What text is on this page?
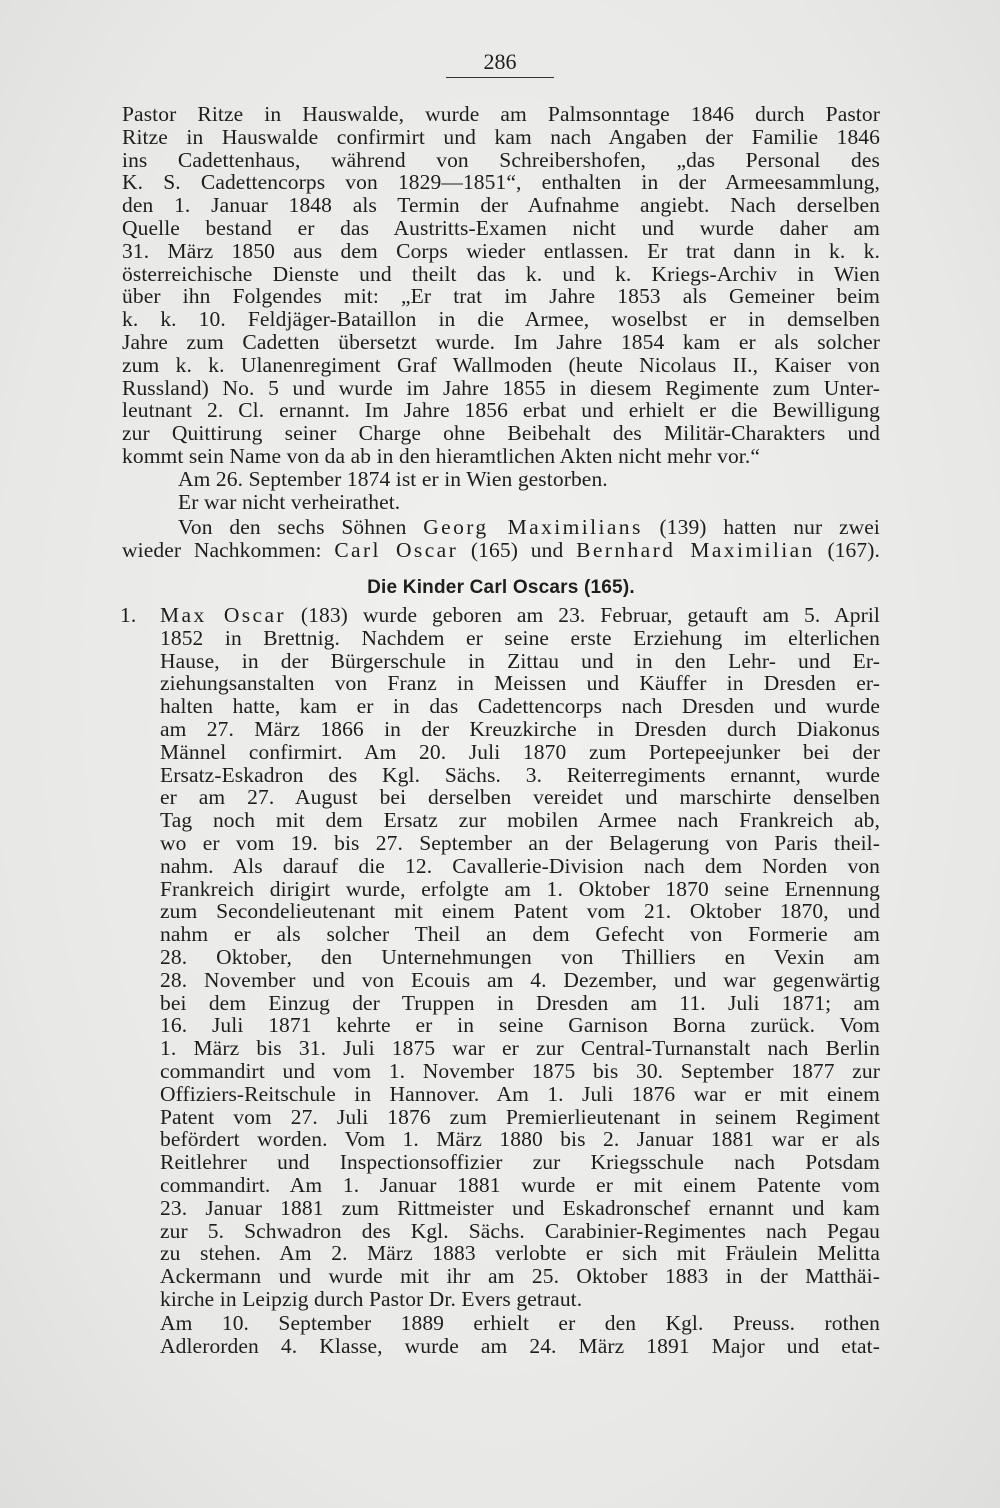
286
Pastor Ritze in Hauswalde, wurde am Palmsonntage 1846 durch Pastor
Ritze in Hauswalde confirmirt und kam nach Angaben der Familie 1846
ins Cadettenhaus, während von Schreibershofen, „das Personal des
K. S. Cadettencorps von 1829—1851“, enthalten in der Armeesammlung,
den 1. Januar 1848 als Termin der Aufnahme angiebt. Nach derselben
Quelle bestand er das Austritts-Examen nicht und wurde daher am
31. März 1850 aus dem Corps wieder entlassen. Er trat dann in k. k.
österreichische Dienste und theilt das k. und k. Kriegs-Archiv in Wien
über ihn Folgendes mit: „Er trat im Jahre 1853 als Gemeiner beim
k. k. 10. Feldjäger-Bataillon in die Armee, woselbst er in demselben
Jahre zum Cadetten übersetzt wurde. Im Jahre 1854 kam er als solcher
zum k. k. Ulanenregiment Graf Wallmoden (heute Nicolaus II., Kaiser von
Russland) No. 5 und wurde im Jahre 1855 in diesem Regimente zum Unter-
leutnant 2. Cl. ernannt. Im Jahre 1856 erbat und erhielt er die Bewilligung
zur Quittirung seiner Charge ohne Beibehalt des Militär-Charakters und
kommt sein Name von da ab in den hieramtlichen Akten nicht mehr vor.“
Am 26. September 1874 ist er in Wien gestorben.
Er war nicht verheirathet.
Von den sechs Söhnen Georg Maximilians (139) hatten nur zwei
wieder Nachkommen: Carl Oscar (165) und Bernhard Maximilian (167).
Die Kinder Carl Oscars (165).
1. Max Oscar (183) wurde geboren am 23. Februar, getauft am 5. April
1852 in Brettnig. Nachdem er seine erste Erziehung im elterlichen
Hause, in der Bürgerschule in Zittau und in den Lehr- und Er-
ziehungsanstalten von Franz in Meissen und Käuffer in Dresden er-
halten hatte, kam er in das Cadettencorps nach Dresden und wurde
am 27. März 1866 in der Kreuzkirche in Dresden durch Diakonus
Männel confirmirt. Am 20. Juli 1870 zum Portepeejunker bei der
Ersatz-Eskadron des Kgl. Sächs. 3. Reiterregiments ernannt, wurde
er am 27. August bei derselben vereidet und marschirte denselben
Tag noch mit dem Ersatz zur mobilen Armee nach Frankreich ab,
wo er vom 19. bis 27. September an der Belagerung von Paris theil-
nahm. Als darauf die 12. Cavallerie-Division nach dem Norden von
Frankreich dirigirt wurde, erfolgte am 1. Oktober 1870 seine Ernennung
zum Secondelieutenant mit einem Patent vom 21. Oktober 1870, und
nahm er als solcher Theil an dem Gefecht von Formerie am
28. Oktober, den Unternehmungen von Thilliers en Vexin am
28. November und von Ecouis am 4. Dezember, und war gegenwärtig
bei dem Einzug der Truppen in Dresden am 11. Juli 1871; am
16. Juli 1871 kehrte er in seine Garnison Borna zurück. Vom
1. März bis 31. Juli 1875 war er zur Central-Turnanstalt nach Berlin
commandirt und vom 1. November 1875 bis 30. September 1877 zur
Offiziers-Reitschule in Hannover. Am 1. Juli 1876 war er mit einem
Patent vom 27. Juli 1876 zum Premierlieutenant in seinem Regiment
befördert worden. Vom 1. März 1880 bis 2. Januar 1881 war er als
Reitlehrer und Inspectionsoffizier zur Kriegsschule nach Potsdam
commandirt. Am 1. Januar 1881 wurde er mit einem Patente vom
23. Januar 1881 zum Rittmeister und Eskadronschef ernannt und kam
zur 5. Schwadron des Kgl. Sächs. Carabinier-Regimentes nach Pegau
zu stehen. Am 2. März 1883 verlobte er sich mit Fräulein Melitta
Ackermann und wurde mit ihr am 25. Oktober 1883 in der Matthäi-
kirche in Leipzig durch Pastor Dr. Evers getraut.
Am 10. September 1889 erhielt er den Kgl. Preuss. rothen
Adlerorden 4. Klasse, wurde am 24. März 1891 Major und etat-
